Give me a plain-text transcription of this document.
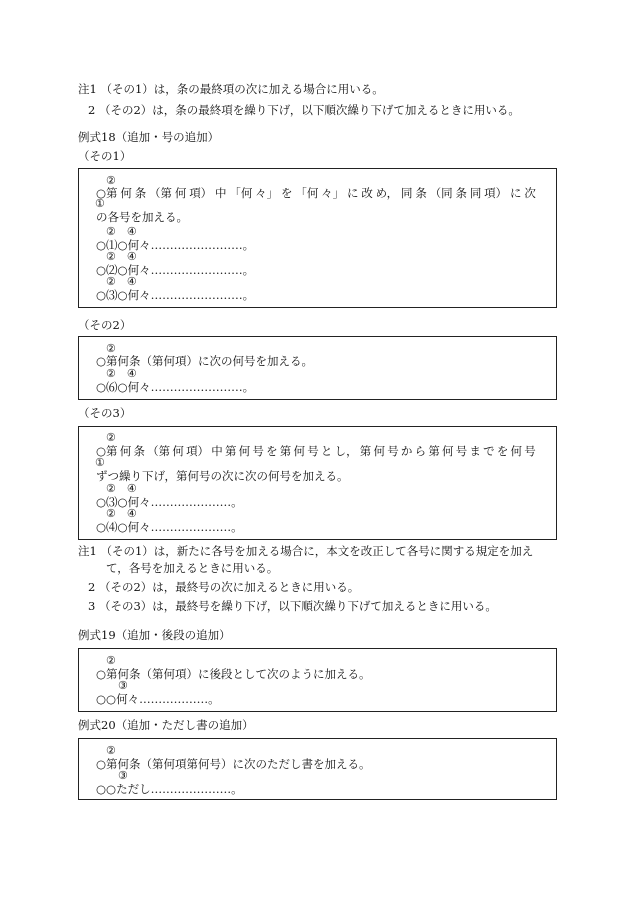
注1 （その1）は，条の最終項の次に加える場合に用いる。
2 （その2）は，条の最終項を繰り下げ，以下順次繰り下げて加えるときに用いる。
例式18（追加・号の追加）
（その1）
②
○第 何 条 （第 何 項） 中 「何 々」 を 「何 々」 に 改 め， 同 条 （同 条 同 項） に 次
①
の各号を加える。
②　④
○⑴○何々……………………。
②　④
○⑵○何々……………………。
②　④
○⑶○何々……………………。
（その2）
②
○第何条（第何項）に次の何号を加える。
②　④
○⑹○何々……………………。
（その3）
②
○第 何 条 （第 何 項） 中 第 何 号 を 第 何 号 と し， 第 何 号 か ら 第 何 号 ま で を 何 号
①
ずつ繰り下げ，第何号の次に次の何号を加える。
②　④
○⑶○何々…………………。
②　④
○⑷○何々…………………。
注1 （その1）は，新たに各号を加える場合に，本文を改正して各号に関する規定を加え
て，各号を加えるときに用いる。
2 （その2）は，最終号の次に加えるときに用いる。
3 （その3）は，最終号を繰り下げ，以下順次繰り下げて加えるときに用いる。
例式19（追加・後段の追加）
②
○第何条（第何項）に後段として次のように加える。
③
○○何々………………。
例式20（追加・ただし書の追加）
②
○第何条（第何項第何号）に次のただし書を加える。
③
○○ただし…………………。
